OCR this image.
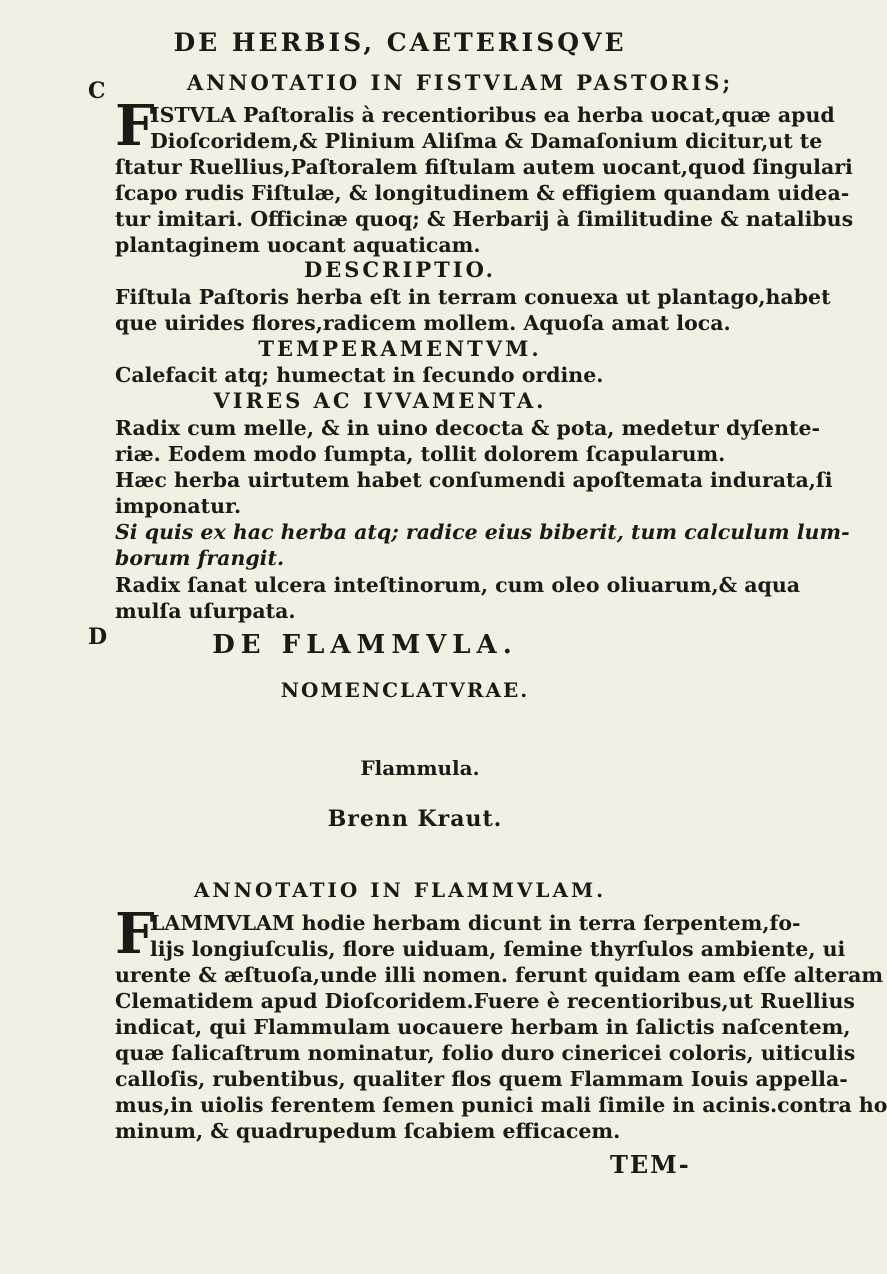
DE HERBIS, CAETERISQVE
C
D
ANNOTATIO IN FISTVLAM PASTORIS;
F
ISTVLA Paſtoralis à recentioribus ea herba uocat,quæ apud
Dioſcoridem,& Plinium Aliſma & Damaſonium dicitur,ut te
ſtatur Ruellius,Paſtoralem fiſtulam autem uocant,quod ſingulari
ſcapo rudis Fiſtulæ, & longitudinem & effigiem quandam uidea-
tur imitari. Officinæ quoq; & Herbarij à ſimilitudine & natalibus
plantaginem uocant aquaticam.
DESCRIPTIO.
Fiſtula Paſtoris herba eſt in terram conuexa ut plantago,habet
que uirides flores,radicem mollem. Aquoſa amat loca.
TEMPERAMENTVM.
Calefacit atq; humectat in ſecundo ordine.
VIRES AC IVVAMENTA.
Radix cum melle, & in uino decocta & pota, medetur dyſente-
riæ. Eodem modo ſumpta, tollit dolorem ſcapularum.
Hæc herba uirtutem habet conſumendi apoſtemata indurata,ſi
imponatur.
Si quis ex hac herba atq; radice eius biberit, tum calculum lum-
borum frangit.
Radix ſanat ulcera inteſtinorum, cum oleo oliuarum,& aqua
mulſa uſurpata.
DE FLAMMVLA.
NOMENCLATVRAE.
Flammula.
Brenn Kraut.
ANNOTATIO IN FLAMMVLAM.
F
LAMMVLAM hodie herbam dicunt in terra ſerpentem,fo-
lijs longiuſculis, flore uiduam, ſemine thyrſulos ambiente, ui
urente & æſtuoſa,unde illi nomen. ferunt quidam eam eſſe alteram
Clematidem apud Dioſcoridem.Fuere è recentioribus,ut Ruellius
indicat, qui Flammulam uocauere herbam in ſalictis naſcentem,
quæ ſalicaſtrum nominatur, folio duro cinericei coloris, uiticulis
calloſis, rubentibus, qualiter flos quem Flammam Iouis appella-
mus,in uiolis ferentem ſemen punici mali ſimile in acinis.contra ho
minum, & quadrupedum ſcabiem efficacem.
TEM-
